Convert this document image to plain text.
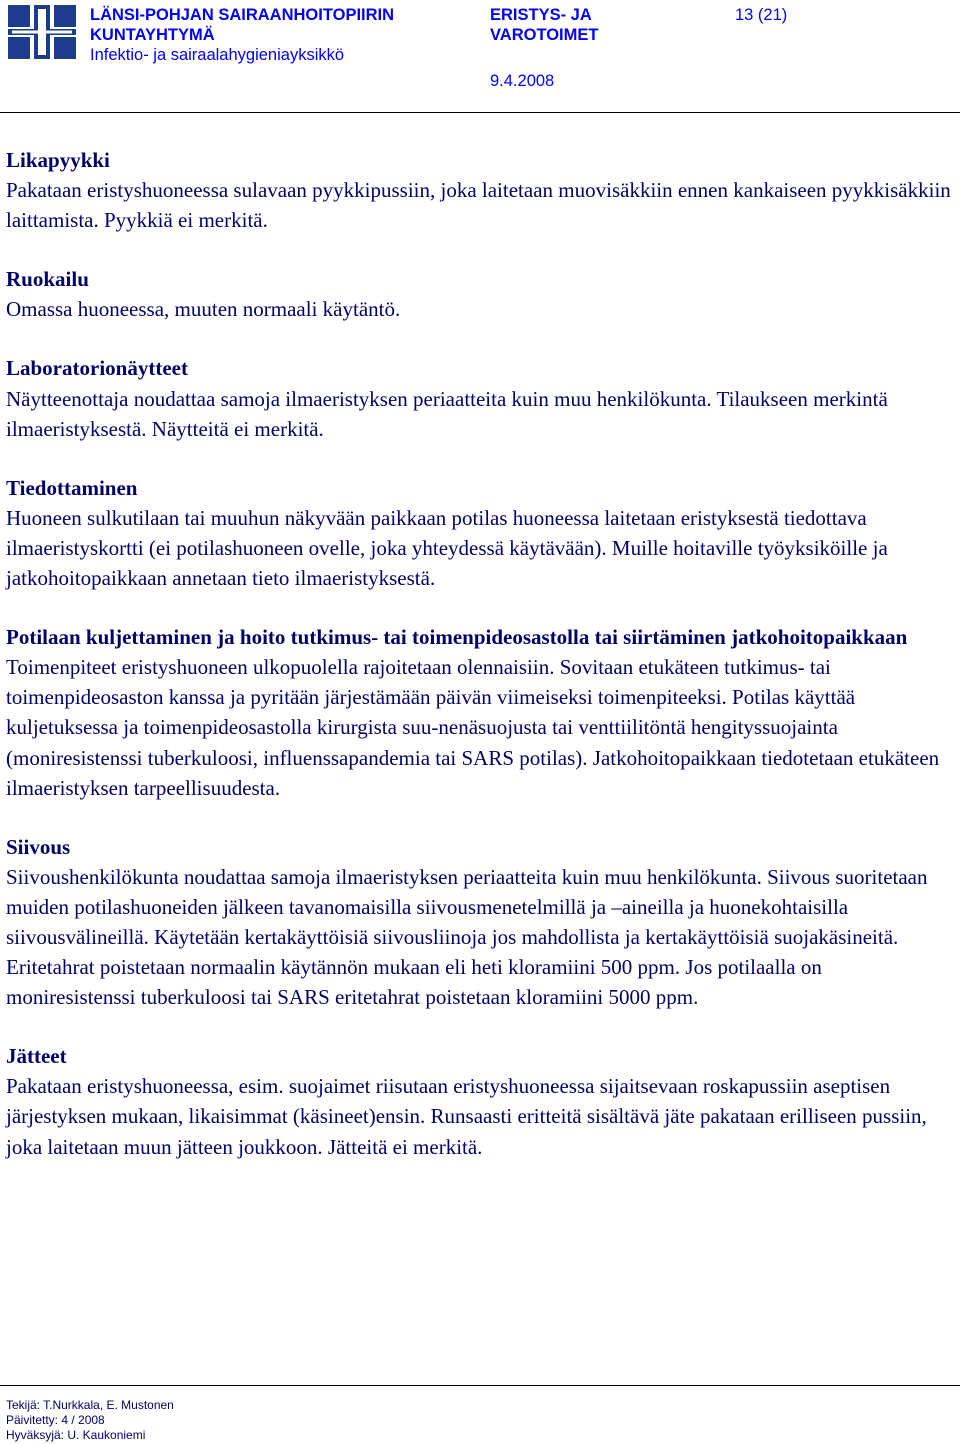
LÄNSI-POHJAN SAIRAANHOITOPIIRIN
KUNTAYHTYMÄ
Infektio- ja sairaalahygieniayksikkö
ERISTYS- JA
VAROTOIMET
13 (21)
9.4.2008
Likapyykki

Pakataan eristyshuoneessa sulavaan pyykkipussiin, joka laitetaan muovisäkkiin ennen kankaiseen pyykkisäkkiin laittamista. Pyykkiä ei merkitä.

Ruokailu

Omassa huoneessa, muuten normaali käytäntö.

Laboratorionäytteet

Näytteenottaja noudattaa samoja ilmaeristyksen periaatteita kuin muu henkilökunta. Tilaukseen merkintä ilmaeristyksestä. Näytteitä ei merkitä.

Tiedottaminen

Huoneen sulkutilaan tai muuhun näkyvään paikkaan potilas huoneessa laitetaan eristyksestä tiedottava ilmaeristyskortti (ei potilashuoneen ovelle, joka yhteydessä käytävään). Muille hoitaville työyksiköille ja jatkohoitopaikkaan annetaan tieto ilmaeristyksestä.

Potilaan kuljettaminen ja hoito tutkimus- tai toimenpideosastolla tai siirtäminen jatkohoitopaikkaan

Toimenpiteet eristyshuoneen ulkopuolella rajoitetaan olennaisiin. Sovitaan etukäteen tutkimus- tai toimenpideosaston kanssa ja pyritään järjestämään päivän viimeiseksi toimenpiteeksi. Potilas käyttää kuljetuksessa ja toimenpideosastolla kirurgista suu-nenäsuojusta tai venttiilitöntä hengityssuojainta (moniresistenssi tuberkuloosi, influenssapandemia tai SARS potilas). Jatkohoitopaikkaan tiedotetaan etukäteen ilmaeristyksen tarpeellisuudesta.

Siivous

Siivoushenkilökunta noudattaa samoja ilmaeristyksen periaatteita kuin muu henkilökunta. Siivous suoritetaan muiden potilashuoneiden jälkeen tavanomaisilla siivousmenetelmillä ja –aineilla ja huonekohtaisilla siivousvälineillä. Käytetään kertakäyttöisiä siivousliinoja jos mahdollista ja kertakäyttöisiä suojakäsineitä. Eritetahrat poistetaan normaalin käytännön mukaan eli heti kloramiini 500 ppm. Jos potilaalla on moniresistenssi tuberkuloosi tai SARS eritetahrat poistetaan kloramiini 5000 ppm.

Jätteet

Pakataan eristyshuoneessa, esim. suojaimet riisutaan eristyshuoneessa sijaitsevaan roskapussiin aseptisen järjestyksen mukaan, likaisimmat (käsineet)ensin. Runsaasti eritteitä sisältävä jäte pakataan erilliseen pussiin, joka laitetaan muun jätteen joukkoon. Jätteitä ei merkitä.

Tekijä: T.Nurkkala, E. Mustonen
Päivitetty: 4 / 2008
Hyväksyjä: U. Kaukoniemi
